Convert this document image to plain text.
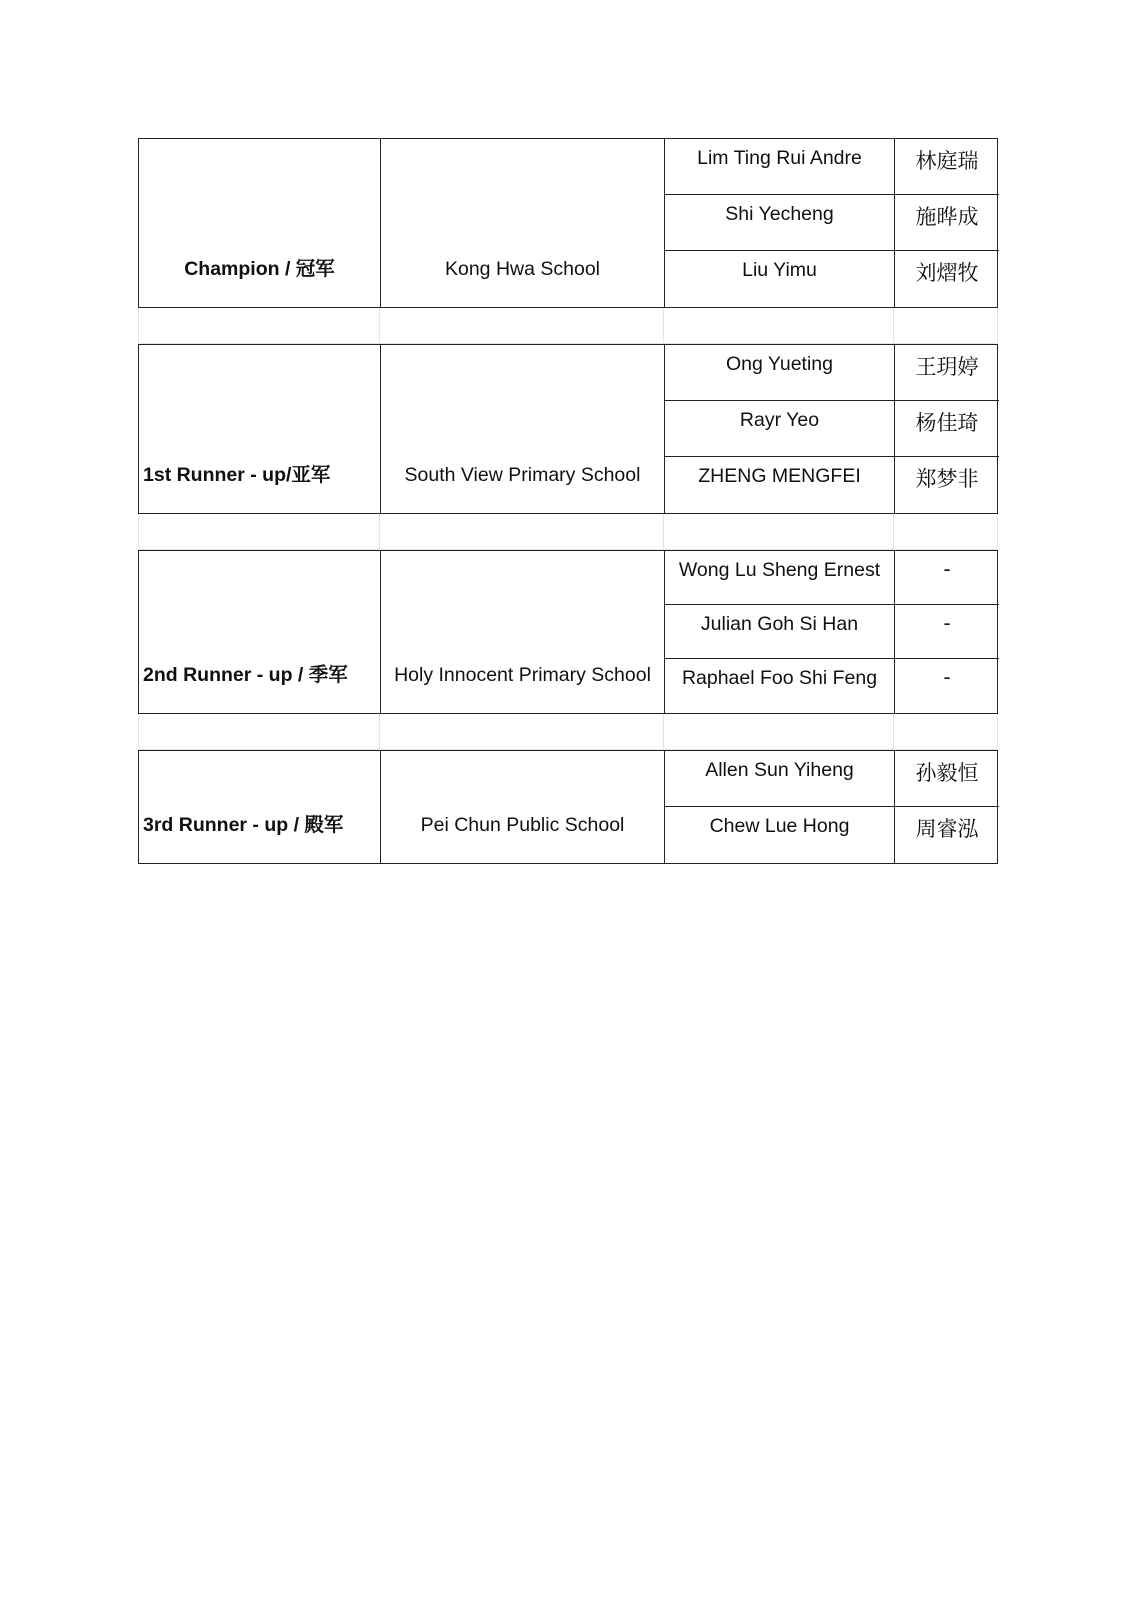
Champion / 冠军	Kong Hwa School
Lim Ting Rui Andre	林庭瑞
Shi Yecheng	施晔成
Liu Yimu	刘熠牧
1st Runner - up/亚军	South View Primary School
Ong Yueting	王玥婷
Rayr Yeo	杨佳琦
ZHENG MENGFEI	郑梦非
2nd Runner - up / 季军	Holy Innocent Primary School
Wong Lu Sheng Ernest	-
Julian Goh Si Han	-
Raphael Foo Shi Feng	-
3rd Runner - up / 殿军	Pei Chun Public School
Allen Sun Yiheng	孙毅恒
Chew Lue Hong	周睿泓
